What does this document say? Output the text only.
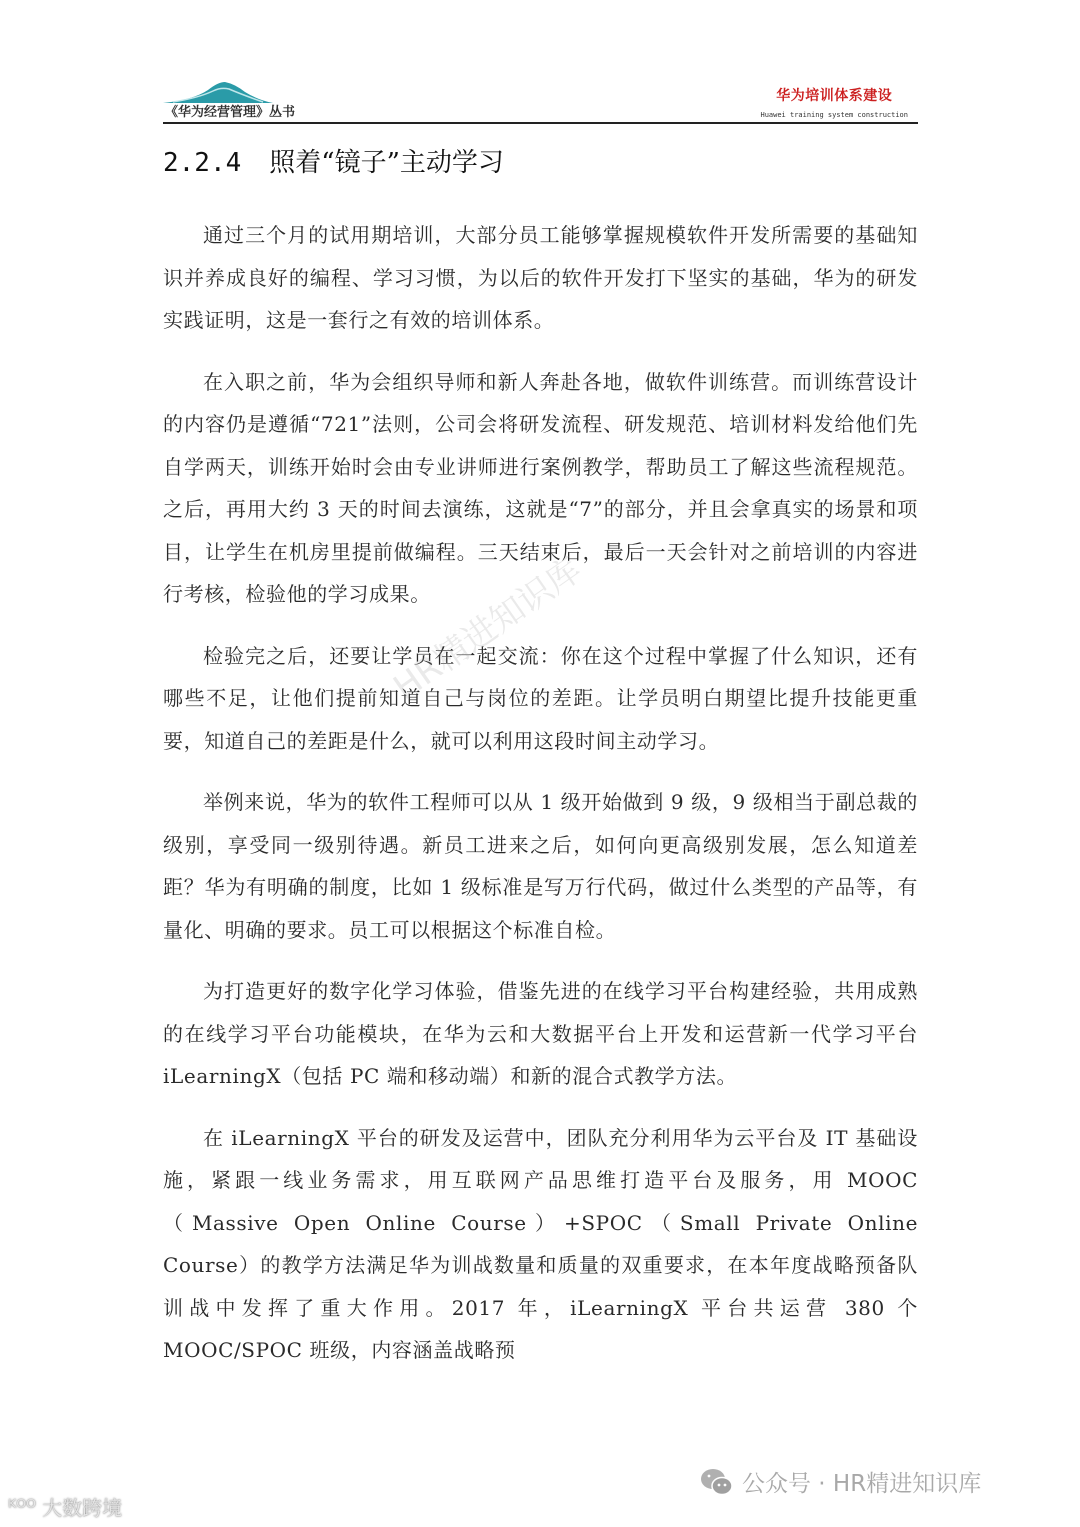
《华为经营管理》丛书
华为培训体系建设
Huawei training system construction
2.2.4 照着“镜子”主动学习

通过三个月的试用期培训，大部分员工能够掌握规模软件开发所需要的基础知识并养成良好的编程、学习习惯，为以后的软件开发打下坚实的基础，华为的研发实践证明，这是一套行之有效的培训体系。

在入职之前，华为会组织导师和新人奔赴各地，做软件训练营。而训练营设计的内容仍是遵循“721”法则，公司会将研发流程、研发规范、培训材料发给他们先自学两天，训练开始时会由专业讲师进行案例教学，帮助员工了解这些流程规范。之后，再用大约 3 天的时间去演练，这就是“7”的部分，并且会拿真实的场景和项目，让学生在机房里提前做编程。三天结束后，最后一天会针对之前培训的内容进行考核，检验他的学习成果。

检验完之后，还要让学员在一起交流：你在这个过程中掌握了什么知识，还有哪些不足，让他们提前知道自己与岗位的差距。让学员明白期望比提升技能更重要，知道自己的差距是什么，就可以利用这段时间主动学习。

举例来说，华为的软件工程师可以从 1 级开始做到 9 级，9 级相当于副总裁的级别，享受同一级别待遇。新员工进来之后，如何向更高级别发展，怎么知道差距？华为有明确的制度，比如 1 级标准是写万行代码，做过什么类型的产品等，有量化、明确的要求。员工可以根据这个标准自检。

为打造更好的数字化学习体验，借鉴先进的在线学习平台构建经验，共用成熟的在线学习平台功能模块，在华为云和大数据平台上开发和运营新一代学习平台 iLearningX（包括 PC 端和移动端）和新的混合式教学方法。

在 iLearningX 平台的研发及运营中，团队充分利用华为云平台及 IT 基础设施，紧跟一线业务需求，用互联网产品思维打造平台及服务，用 MOOC（Massive Open Online Course）+SPOC（Small Private Online Course）的教学方法满足华为训战数量和质量的双重要求，在本年度战略预备队训战中发挥了重大作用。2017 年，iLearningX 平台共运营 380 个 MOOC/SPOC 班级，内容涵盖战略预

HR精进知识库
公众号 · HR精进知识库
ᴷᴼᴼ 大数跨境
